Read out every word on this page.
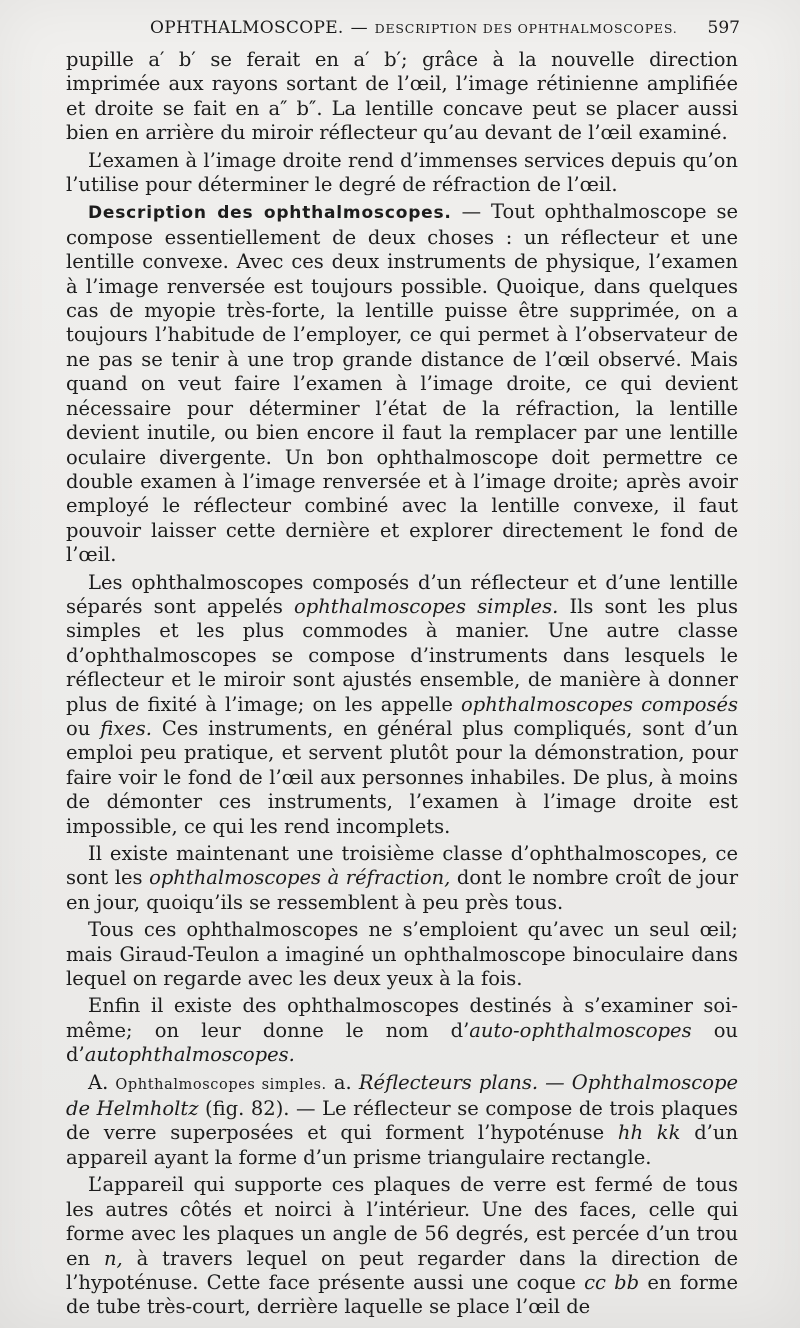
OPHTHALMOSCOPE. — DESCRIPTION DES OPHTHALMOSCOPES. 597

pupille a′ b′ se ferait en a′ b′; grâce à la nouvelle direction imprimée aux rayons sortant de l’œil, l’image rétinienne amplifiée et droite se fait en a″ b″. La lentille concave peut se placer aussi bien en arrière du miroir réflecteur qu’au devant de l’œil examiné.

L’examen à l’image droite rend d’immenses services depuis qu’on l’utilise pour déterminer le degré de réfraction de l’œil.

Description des ophthalmoscopes. — Tout ophthalmoscope se compose essentiellement de deux choses : un réflecteur et une lentille convexe. Avec ces deux instruments de physique, l’examen à l’image renversée est toujours possible. Quoique, dans quelques cas de myopie très-forte, la lentille puisse être supprimée, on a toujours l’habitude de l’employer, ce qui permet à l’observateur de ne pas se tenir à une trop grande distance de l’œil observé. Mais quand on veut faire l’examen à l’image droite, ce qui devient nécessaire pour déterminer l’état de la réfraction, la lentille devient inutile, ou bien encore il faut la remplacer par une lentille oculaire divergente. Un bon ophthalmoscope doit permettre ce double examen à l’image renversée et à l’image droite; après avoir employé le réflecteur combiné avec la lentille convexe, il faut pouvoir laisser cette dernière et explorer directement le fond de l’œil.

Les ophthalmoscopes composés d’un réflecteur et d’une lentille séparés sont appelés ophthalmoscopes simples. Ils sont les plus simples et les plus commodes à manier. Une autre classe d’ophthalmoscopes se compose d’instruments dans lesquels le réflecteur et le miroir sont ajustés ensemble, de manière à donner plus de fixité à l’image; on les appelle ophthalmoscopes composés ou fixes. Ces instruments, en général plus compliqués, sont d’un emploi peu pratique, et servent plutôt pour la démonstration, pour faire voir le fond de l’œil aux personnes inhabiles. De plus, à moins de démonter ces instruments, l’examen à l’image droite est impossible, ce qui les rend incomplets.

Il existe maintenant une troisième classe d’ophthalmoscopes, ce sont les ophthalmoscopes à réfraction, dont le nombre croît de jour en jour, quoiqu’ils se ressemblent à peu près tous.

Tous ces ophthalmoscopes ne s’emploient qu’avec un seul œil; mais Giraud-Teulon a imaginé un ophthalmoscope binoculaire dans lequel on regarde avec les deux yeux à la fois.

Enfin il existe des ophthalmoscopes destinés à s’examiner soi-même; on leur donne le nom d’auto-ophthalmoscopes ou d’autophthalmoscopes.

A. Ophthalmoscopes simples. a. Réflecteurs plans. — Ophthalmoscope de Helmholtz (fig. 82). — Le réflecteur se compose de trois plaques de verre superposées et qui forment l’hypoténuse hh kk d’un appareil ayant la forme d’un prisme triangulaire rectangle.

L’appareil qui supporte ces plaques de verre est fermé de tous les autres côtés et noirci à l’intérieur. Une des faces, celle qui forme avec les plaques un angle de 56 degrés, est percée d’un trou en n, à travers lequel on peut regarder dans la direction de l’hypoténuse. Cette face présente aussi une coque cc bb en forme de tube très-court, derrière laquelle se place l’œil de
